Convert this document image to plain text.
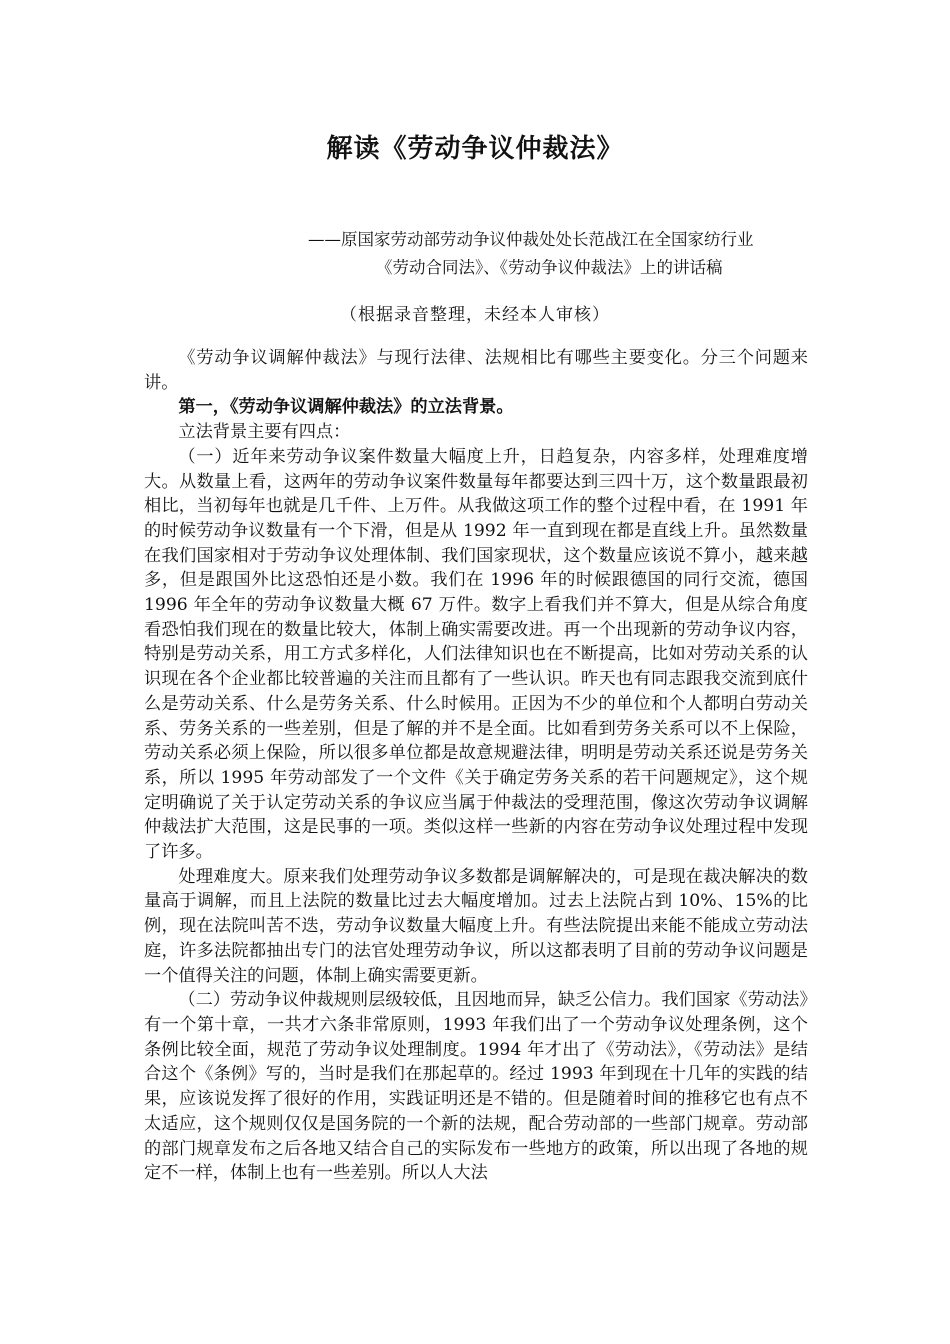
解读《劳动争议仲裁法》
——原国家劳动部劳动争议仲裁处处长范战江在全国家纺行业
《劳动合同法》、《劳动争议仲裁法》上的讲话稿
（根据录音整理，未经本人审核）

《劳动争议调解仲裁法》与现行法律、法规相比有哪些主要变化。分三个问题来讲。

第一，《劳动争议调解仲裁法》的立法背景。

立法背景主要有四点：

（一）近年来劳动争议案件数量大幅度上升，日趋复杂，内容多样，处理难度增大。从数量上看，这两年的劳动争议案件数量每年都要达到三四十万，这个数量跟最初相比，当初每年也就是几千件、上万件。从我做这项工作的整个过程中看，在 1991 年的时候劳动争议数量有一个下滑，但是从 1992 年一直到现在都是直线上升。虽然数量在我们国家相对于劳动争议处理体制、我们国家现状，这个数量应该说不算小，越来越多，但是跟国外比这恐怕还是小数。我们在 1996 年的时候跟德国的同行交流，德国 1996 年全年的劳动争议数量大概 67 万件。数字上看我们并不算大，但是从综合角度看恐怕我们现在的数量比较大，体制上确实需要改进。再一个出现新的劳动争议内容，特别是劳动关系，用工方式多样化，人们法律知识也在不断提高，比如对劳动关系的认识现在各个企业都比较普遍的关注而且都有了一些认识。昨天也有同志跟我交流到底什么是劳动关系、什么是劳务关系、什么时候用。正因为不少的单位和个人都明白劳动关系、劳务关系的一些差别，但是了解的并不是全面。比如看到劳务关系可以不上保险，劳动关系必须上保险，所以很多单位都是故意规避法律，明明是劳动关系还说是劳务关系，所以 1995 年劳动部发了一个文件《关于确定劳务关系的若干问题规定》，这个规定明确说了关于认定劳动关系的争议应当属于仲裁法的受理范围，像这次劳动争议调解仲裁法扩大范围，这是民事的一项。类似这样一些新的内容在劳动争议处理过程中发现了许多。

处理难度大。原来我们处理劳动争议多数都是调解解决的，可是现在裁决解决的数量高于调解，而且上法院的数量比过去大幅度增加。过去上法院占到 10%、15%的比例，现在法院叫苦不迭，劳动争议数量大幅度上升。有些法院提出来能不能成立劳动法庭，许多法院都抽出专门的法官处理劳动争议，所以这都表明了目前的劳动争议问题是一个值得关注的问题，体制上确实需要更新。

（二）劳动争议仲裁规则层级较低，且因地而异，缺乏公信力。我们国家《劳动法》有一个第十章，一共才六条非常原则，1993 年我们出了一个劳动争议处理条例，这个条例比较全面，规范了劳动争议处理制度。1994 年才出了《劳动法》，《劳动法》是结合这个《条例》写的，当时是我们在那起草的。经过 1993 年到现在十几年的实践的结果，应该说发挥了很好的作用，实践证明还是不错的。但是随着时间的推移它也有点不太适应，这个规则仅仅是国务院的一个新的法规，配合劳动部的一些部门规章。劳动部的部门规章发布之后各地又结合自己的实际发布一些地方的政策，所以出现了各地的规定不一样，体制上也有一些差别。所以人大法
